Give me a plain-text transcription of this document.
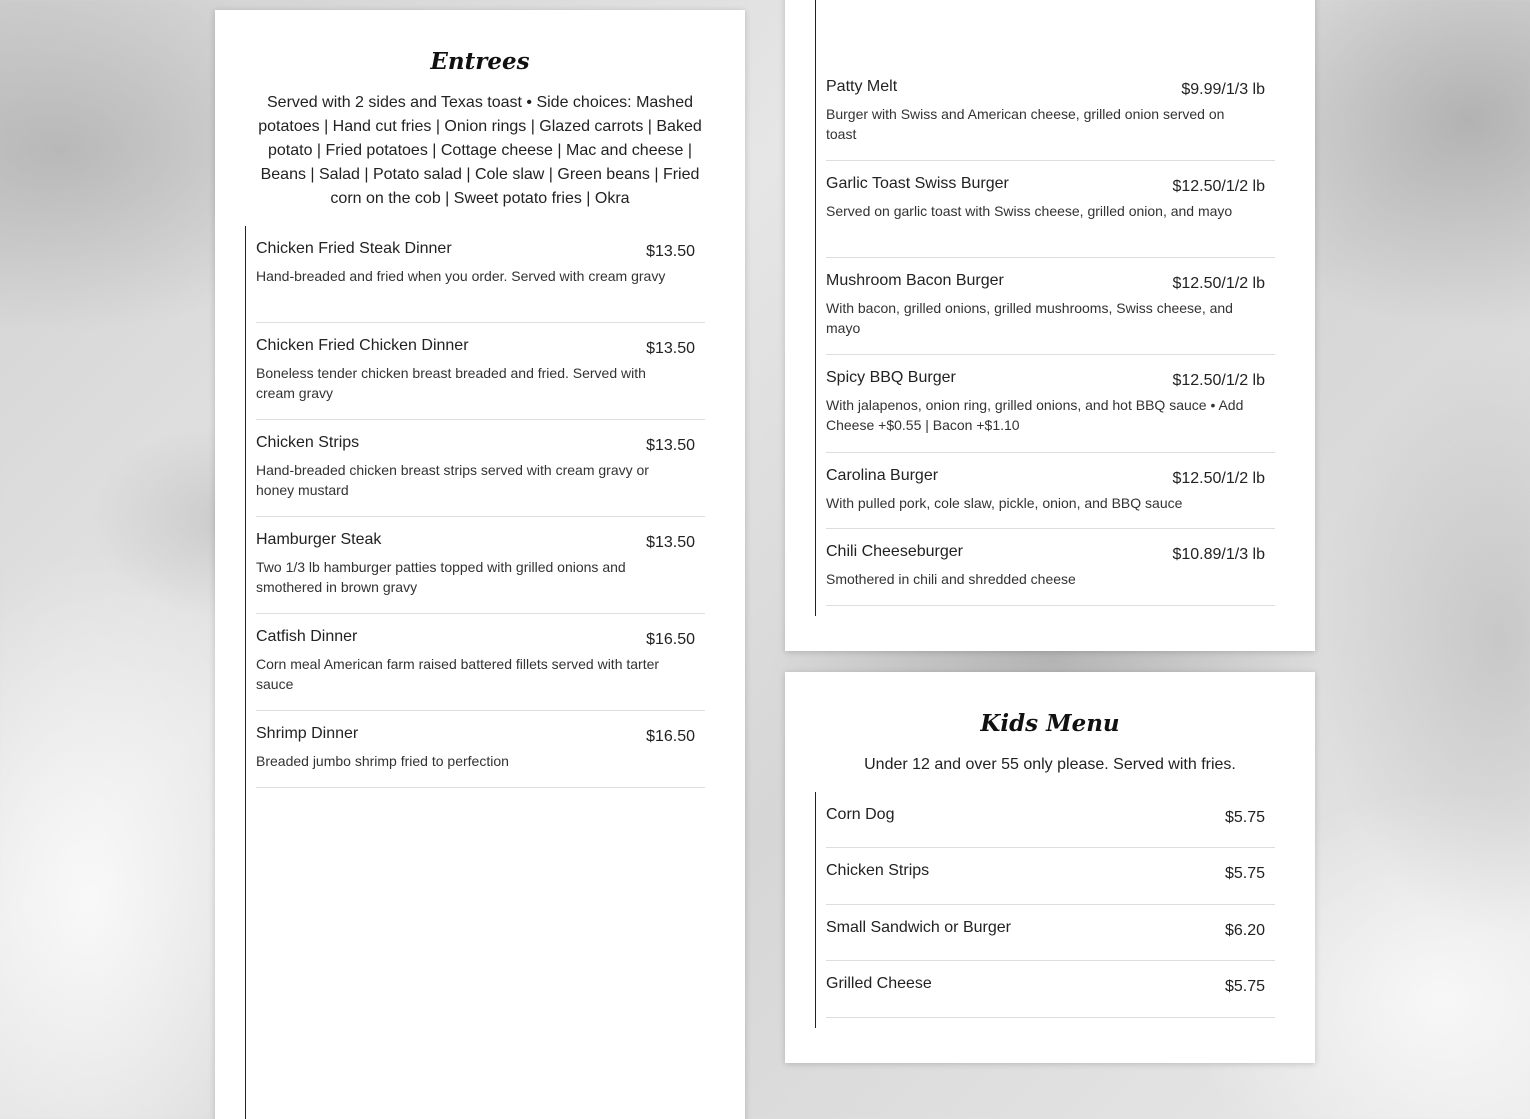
Entrees
Served with 2 sides and Texas toast • Side choices: Mashed potatoes | Hand cut fries | Onion rings | Glazed carrots | Baked potato | Fried potatoes | Cottage cheese | Mac and cheese | Beans | Salad | Potato salad | Cole slaw | Green beans | Fried corn on the cob | Sweet potato fries | Okra
Chicken Fried Steak Dinner	$13.50
Hand-breaded and fried when you order. Served with cream gravy
Chicken Fried Chicken Dinner	$13.50
Boneless tender chicken breast breaded and fried. Served with cream gravy
Chicken Strips	$13.50
Hand-breaded chicken breast strips served with cream gravy or honey mustard
Hamburger Steak	$13.50
Two 1/3 lb hamburger patties topped with grilled onions and smothered in brown gravy
Catfish Dinner	$16.50
Corn meal American farm raised battered fillets served with tarter sauce
Shrimp Dinner	$16.50
Breaded jumbo shrimp fried to perfection
Patty Melt	$9.99/1/3 lb
Burger with Swiss and American cheese, grilled onion served on toast
Garlic Toast Swiss Burger	$12.50/1/2 lb
Served on garlic toast with Swiss cheese, grilled onion, and mayo
Mushroom Bacon Burger	$12.50/1/2 lb
With bacon, grilled onions, grilled mushrooms, Swiss cheese, and mayo
Spicy BBQ Burger	$12.50/1/2 lb
With jalapenos, onion ring, grilled onions, and hot BBQ sauce • Add Cheese +$0.55 | Bacon +$1.10
Carolina Burger	$12.50/1/2 lb
With pulled pork, cole slaw, pickle, onion, and BBQ sauce
Chili Cheeseburger	$10.89/1/3 lb
Smothered in chili and shredded cheese
Kids Menu
Under 12 and over 55 only please. Served with fries.
Corn Dog	$5.75
Chicken Strips	$5.75
Small Sandwich or Burger	$6.20
Grilled Cheese	$5.75
